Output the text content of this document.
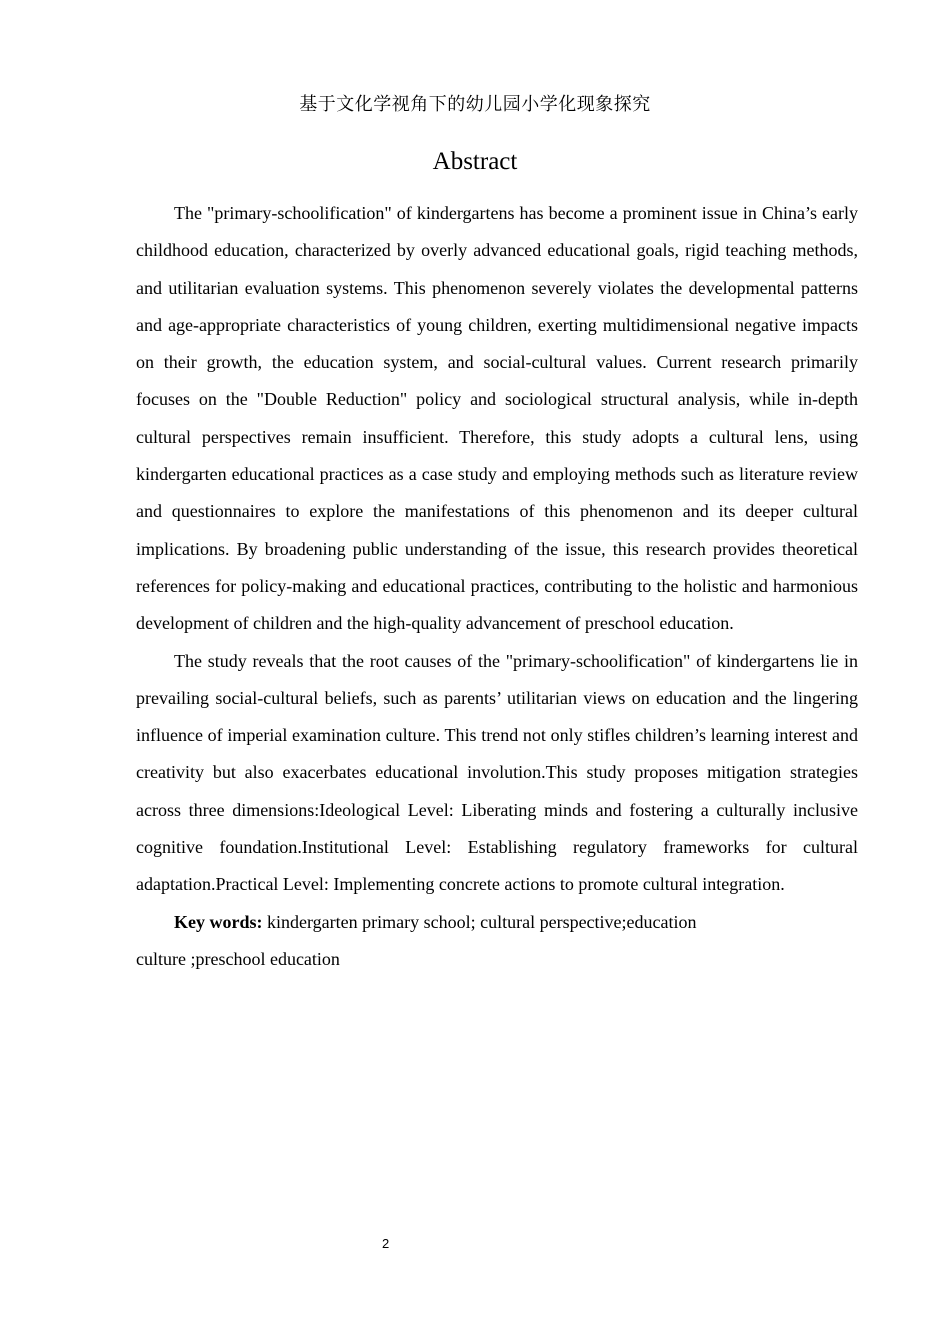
基于文化学视角下的幼儿园小学化现象探究
Abstract

The "primary-schoolification" of kindergartens has become a prominent issue in China’s early childhood education, characterized by overly advanced educational goals, rigid teaching methods, and utilitarian evaluation systems. This phenomenon severely violates the developmental patterns and age-appropriate characteristics of young children, exerting multidimensional negative impacts on their growth, the education system, and social-cultural values. Current research primarily focuses on the "Double Reduction" policy and sociological structural analysis, while in-depth cultural perspectives remain insufficient. Therefore, this study adopts a cultural lens, using kindergarten educational practices as a case study and employing methods such as literature review and questionnaires to explore the manifestations of this phenomenon and its deeper cultural implications. By broadening public understanding of the issue, this research provides theoretical references for policy-making and educational practices, contributing to the holistic and harmonious development of children and the high-quality advancement of preschool education.

The study reveals that the root causes of the "primary-schoolification" of kindergartens lie in prevailing social-cultural beliefs, such as parents’ utilitarian views on education and the lingering influence of imperial examination culture. This trend not only stifles children’s learning interest and creativity but also exacerbates educational involution.This study proposes mitigation strategies across three dimensions:Ideological Level: Liberating minds and fostering a culturally inclusive cognitive foundation.Institutional Level: Establishing regulatory frameworks for cultural adaptation.Practical Level: Implementing concrete actions to promote cultural integration.

Key words: kindergarten primary school; cultural perspective;education
culture ;preschool education

2
